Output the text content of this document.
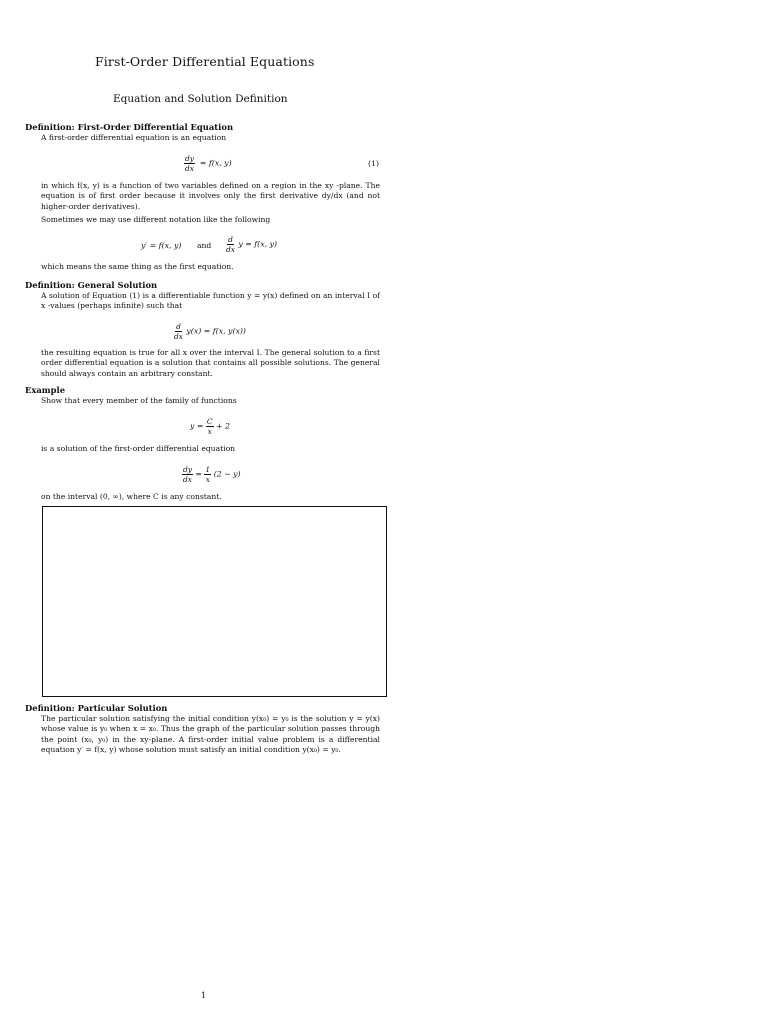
First-Order Differential Equations
Equation and Solution Definition
Definition: First-Order Differential Equation
A first-order differential equation is an equation
$\frac{dy}{dx} = f(x$, y)	(1)
in which f(x, y) is a function of two variables defined on a region in the xy -plane. The equation is of first order because it involves only the first derivative dy/dx (and not higher-order derivatives).
Sometimes we may use different notation like the following
y′ = f(x, y) and $\frac{d}{dx}$ y = f(x, y)
which means the same thing as the first equation.
Definition: General Solution
A solution of Equation (1) is a differentiable function y = y(x) defined on an interval I of x -values (perhaps infinite) such that
$\frac{d}{dx} y(x) = f(x$, y(x))
the resulting equation is true for all x over the interval I. The general solution to a first order differential equation is a solution that contains all possible solutions. The general should always contain an arbitrary constant.
Example
Show that every member of the family of functions
$y = \frac{C}{x} + 2$
is a solution of the first-order differential equation
$\frac{dy}{dx} = \frac{1}{x} (2 - y)$
on the interval (0, ∞), where C is any constant.
Definition: Particular Solution
The particular solution satisfying the initial condition y(x₀) = y₀ is the solution y = y(x) whose value is y₀ when x = x₀. Thus the graph of the particular solution passes through the point (x₀, y₀) in the xy-plane. A first-order initial value problem is a differential equation y′ = f(x, y) whose solution must satisfy an initial condition y(x₀) = y₀.
1
